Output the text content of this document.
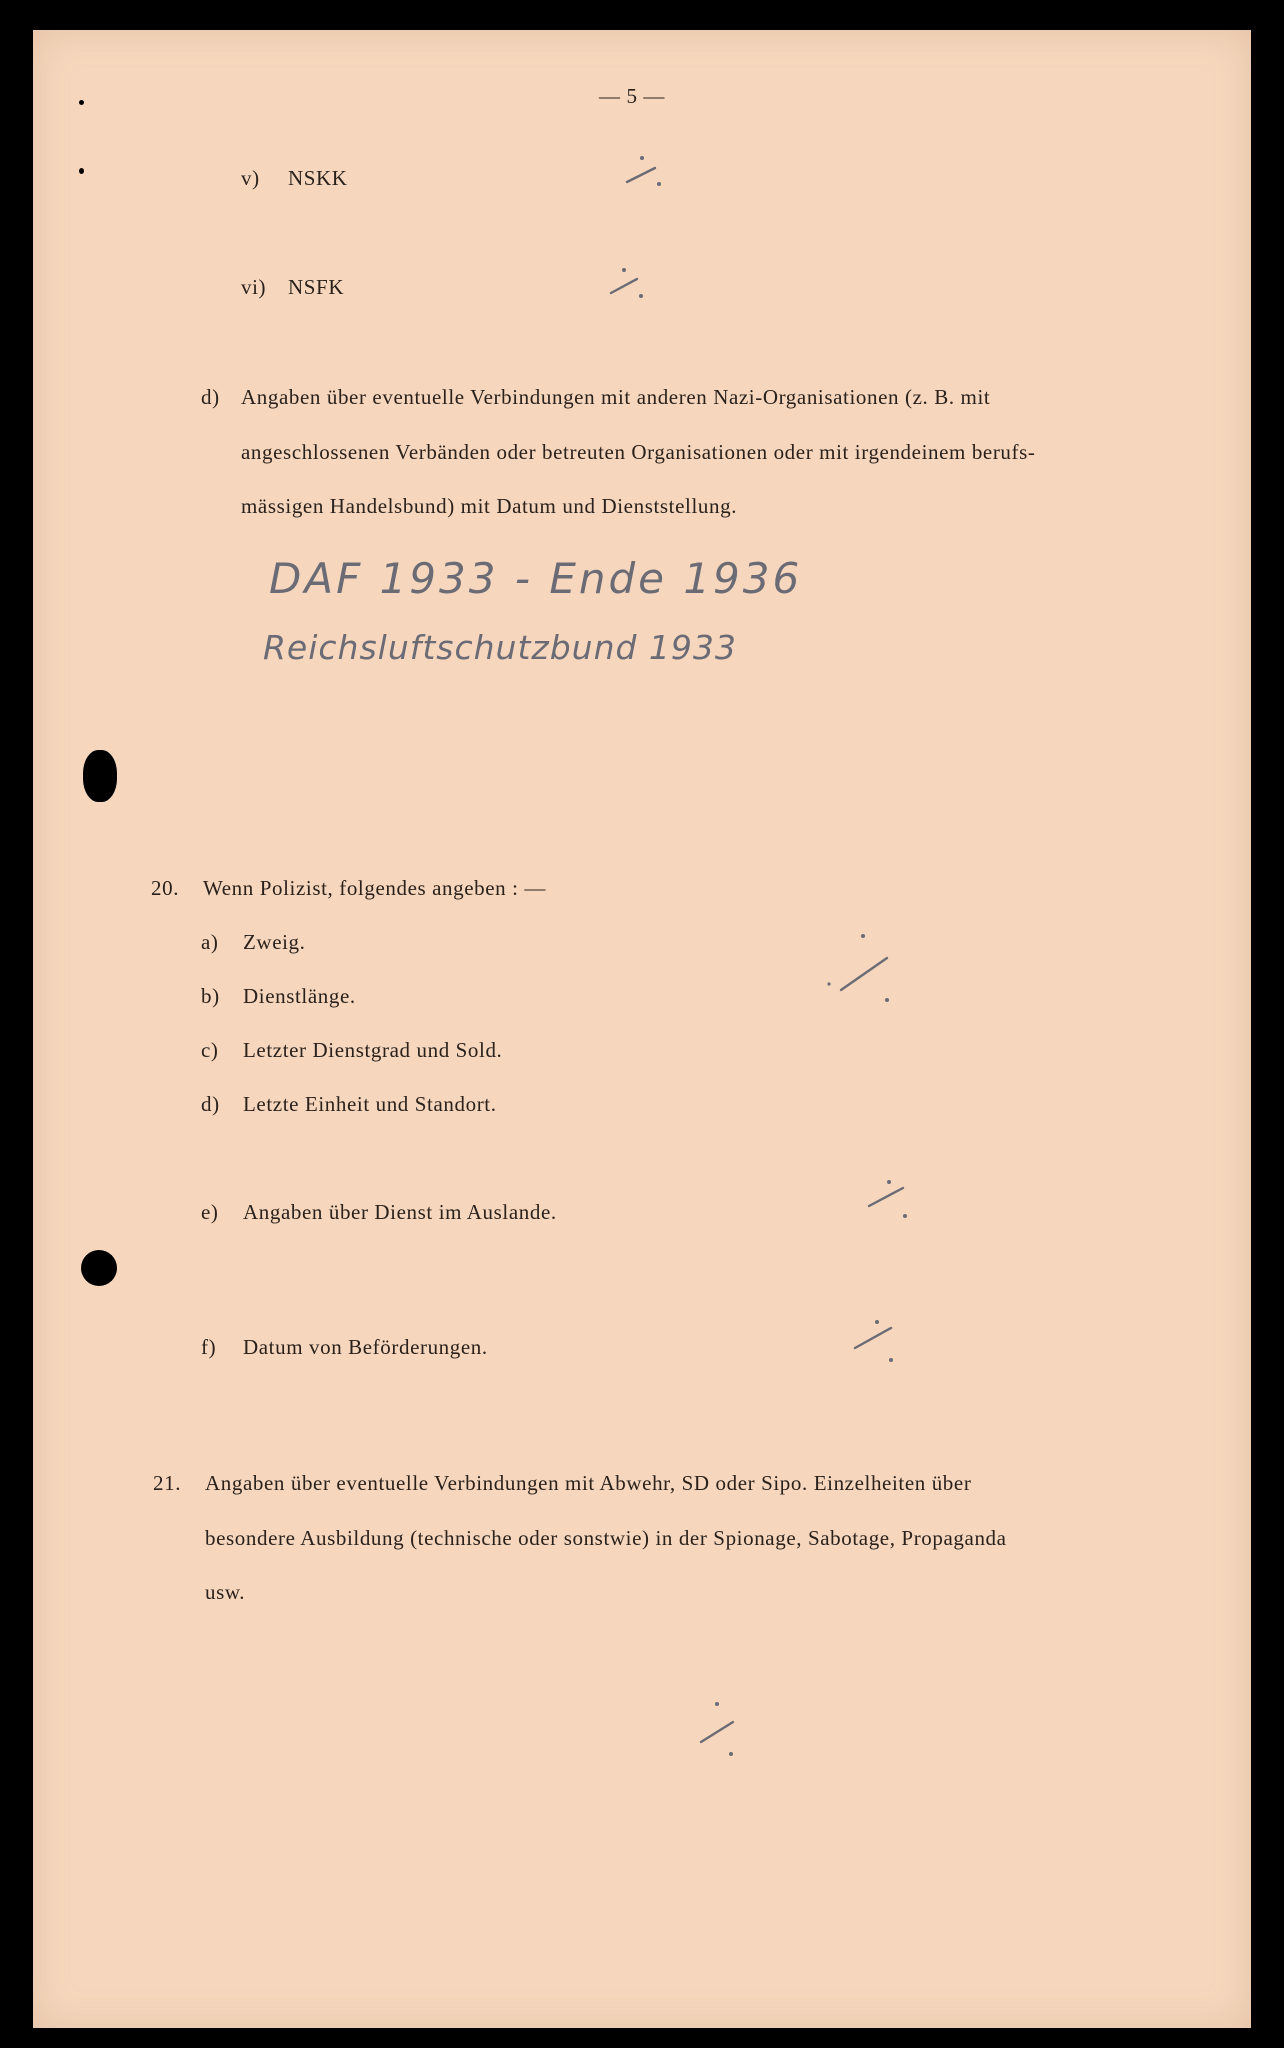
— 5 —
v) NSKK
vi) NSFK
d) Angaben über eventuelle Verbindungen mit anderen Nazi-Organisationen (z. B. mit
angeschlossenen Verbänden oder betreuten Organisationen oder mit irgendeinem berufs-
mässigen Handelsbund) mit Datum und Dienststellung.
DAF 1933 - Ende 1936
Reichsluftschutzbund 1933
20. Wenn Polizist, folgendes angeben : —
a) Zweig.
b) Dienstlänge.
c) Letzter Dienstgrad und Sold.
d) Letzte Einheit und Standort.
e) Angaben über Dienst im Auslande.
f) Datum von Beförderungen.
21. Angaben über eventuelle Verbindungen mit Abwehr, SD oder Sipo. Einzelheiten über
besondere Ausbildung (technische oder sonstwie) in der Spionage, Sabotage, Propaganda
usw.
